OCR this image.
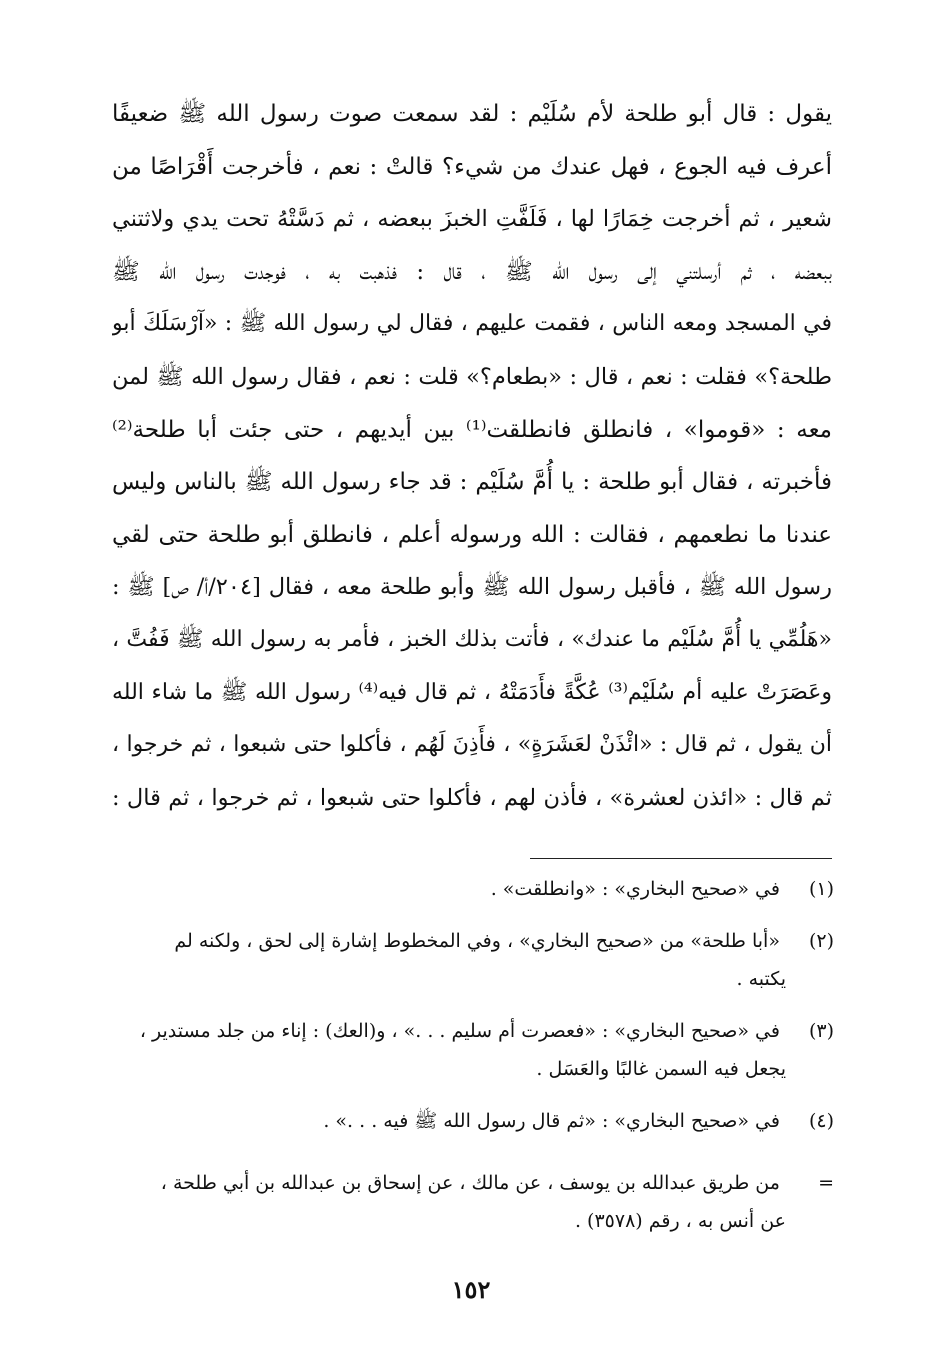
يقول : قال أبو طلحة لأم سُلَيْم : لقد سمعت صوت رسول الله ﷺ ضعيفًا
أعرف فيه الجوع ، فهل عندك من شيء؟ قالتْ : نعم ، فأخرجت أَقْرَاصًا من
شعير ، ثم أخرجت خِمَارًا لها ، فَلَفَّتِ الخبزَ ببعضه ، ثم دَسَّتْهُ تحت يدي ولاثتني
ببعضه ، ثم أرسلتني إلى رسول الله ﷺ ، قال : فذهبت به ، فوجدت رسول الله ﷺ
في المسجد ومعه الناس ، فقمت عليهم ، فقال لي رسول الله ﷺ : «آرْسَلَكَ أبو
طلحة؟» فقلت : نعم ، قال : «بطعام؟» قلت : نعم ، فقال رسول الله ﷺ لمن
معه : «قوموا» ، فانطلق فانطلقت⁽¹⁾ بين أيديهم ، حتى جئت أبا طلحة⁽²⁾
فأخبرته ، فقال أبو طلحة : يا أُمَّ سُلَيْم : قد جاء رسول الله ﷺ بالناس وليس
عندنا ما نطعمهم ، فقالت : الله ورسوله أعلم ، فانطلق أبو طلحة حتى لقي
رسول الله ﷺ ، فأقبل رسول الله ﷺ وأبو طلحة معه ، فقال [٢٠٤/أ/ ص] ﷺ :
«هَلُمِّي يا أُمَّ سُلَيْم ما عندك» ، فأتت بذلك الخبز ، فأمر به رسول الله ﷺ فَفُتَّ ،
وعَصَرَتْ عليه أم سُلَيْم⁽³⁾ عُكَّةً فأَدَمَتْهُ ، ثم قال فيه⁽⁴⁾ رسول الله ﷺ ما شاء الله
أن يقول ، ثم قال : «ائْذَنْ لعَشَرَةٍ» ، فأَذِنَ لَهُم ، فأكلوا حتى شبعوا ، ثم خرجوا ،
ثم قال : «ائذن لعشرة» ، فأذن لهم ، فأكلوا حتى شبعوا ، ثم خرجوا ، ثم قال :
(١) في «صحيح البخاري» : «وانطلقت» .
(٢) «أبا طلحة» من «صحيح البخاري» ، وفي المخطوط إشارة إلى لحق ، ولكنه لم
يكتبه .
(٣) في «صحيح البخاري» : «فعصرت أم سليم . . .» ، و(العك) : إناء من جلد مستدير ،
يجعل فيه السمن غالبًا والعَسَل .
(٤) في «صحيح البخاري» : «ثم قال رسول الله ﷺ فيه . . .» .
= من طريق عبدالله بن يوسف ، عن مالك ، عن إسحاق بن عبدالله بن أبي طلحة ،
عن أنس به ، رقم (٣٥٧٨) .
١٥٢
